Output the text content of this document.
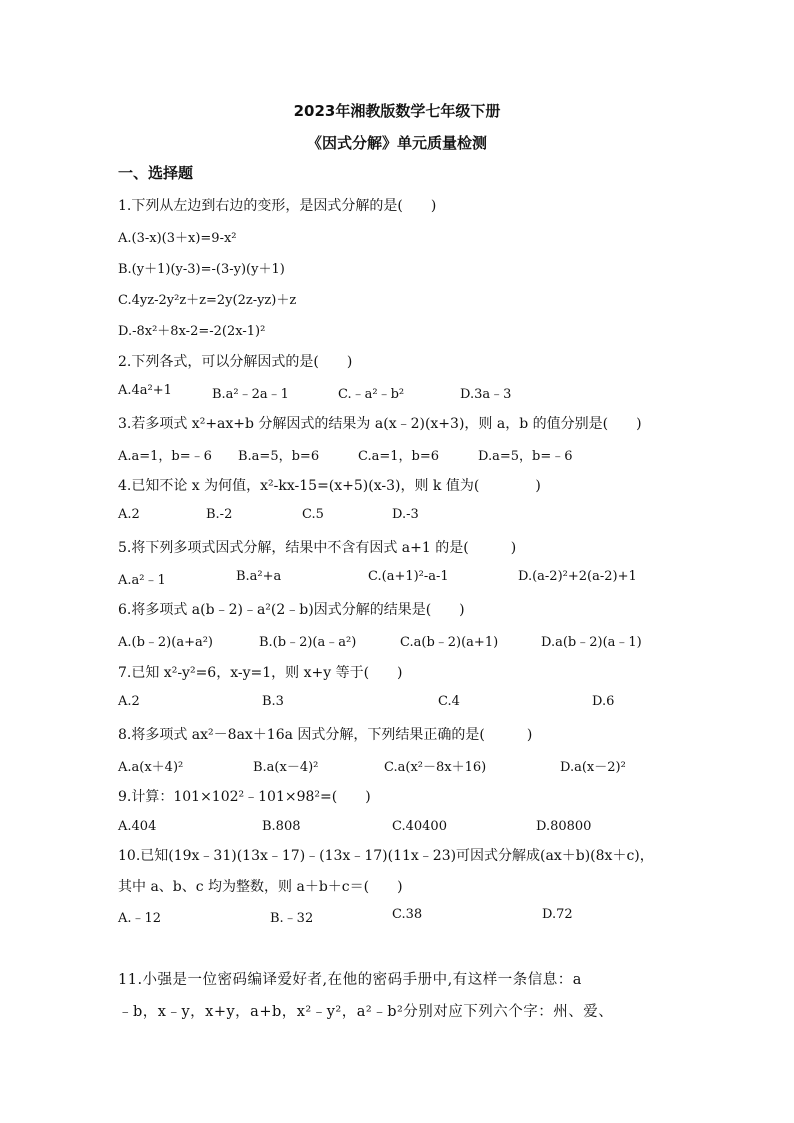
2023年湘教版数学七年级下册
《因式分解》单元质量检测
一、选择题
1.下列从左边到右边的变形，是因式分解的是(　　)
A.(3-x)(3＋x)=9-x²
B.(y＋1)(y-3)=-(3-y)(y＋1)
C.4yz-2y²z＋z=2y(2z-yz)＋z
D.-8x²＋8x-2=-2(2x-1)²
2.下列各式，可以分解因式的是(　　)
A.4a²+1	B.a²﹣2a﹣1	C.﹣a²﹣b²	D.3a﹣3
3.若多项式 x²+ax+b 分解因式的结果为 a(x﹣2)(x+3)，则 a，b 的值分别是(　　)
A.a=1，b=﹣6 B.a=5，b=6	C.a=1，b=6	D.a=5，b=﹣6
4.已知不论 x 为何值，x²-kx-15=(x+5)(x-3)，则 k 值为(　　　　)
A.2	B.-2	C.5	D.-3
5.将下列多项式因式分解，结果中不含有因式 a+1 的是(　　　)
A.a²﹣1	B.a²+a	C.(a+1)²-a-1	D.(a-2)²+2(a-2)+1
6.将多项式 a(b﹣2)﹣a²(2﹣b)因式分解的结果是(　　)
A.(b﹣2)(a+a²)	B.(b﹣2)(a﹣a²)	C.a(b﹣2)(a+1)	D.a(b﹣2)(a﹣1)
7.已知 x²-y²=6，x-y=1，则 x+y 等于(　　)
A.2	B.3	C.4	D.6
8.将多项式 ax²－8ax＋16a 因式分解，下列结果正确的是(　　　)
A.a(x＋4)²	B.a(x－4)²	C.a(x²－8x＋16)	D.a(x－2)²
9.计算：101×102²﹣101×98²=(　　)
A.404	B.808	C.40400	D.80800
10.已知(19x﹣31)(13x﹣17)﹣(13x﹣17)(11x﹣23)可因式分解成(ax＋b)(8x＋c)，
其中 a、b、c 均为整数，则 a＋b＋c＝(　　)
A.﹣12	B.﹣32	C.38	D.72
11.小强是一位密码编译爱好者,在他的密码手册中,有这样一条信息：a
﹣b，x﹣y，x+y，a+b，x²﹣y²，a²﹣b²分别对应下列六个字：州、爱、
